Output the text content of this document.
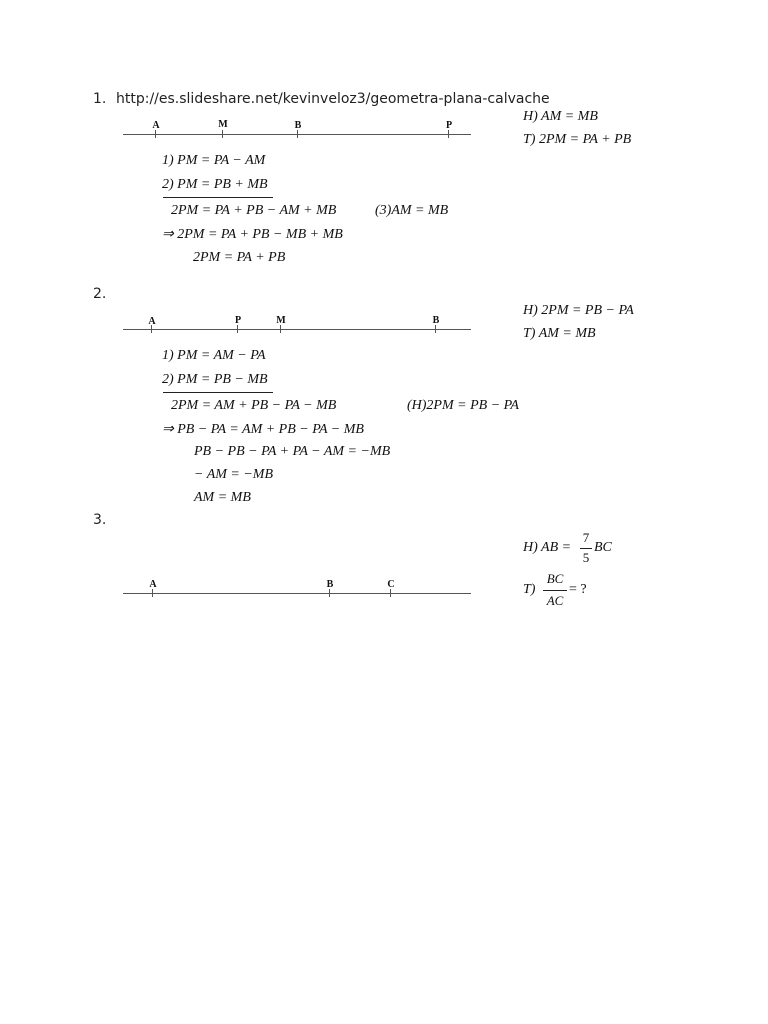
1. http://es.slideshare.net/kevinveloz3/geometra-plana-calvache
A	M	B	P
H) AM = MB
T) 2PM = PA + PB
1) PM = PA − AM
2) PM = PB + MB
2PM = PA + PB − AM + MB	(3)AM = MB
⇒ 2PM = PA + PB − MB + MB
2PM = PA + PB
2.
A	P	M	B
H) 2PM = PB − PA
T) AM = MB
1) PM = AM − PA
2) PM = PB − MB
2PM = AM + PB − PA − MB	(H)2PM = PB − PA
⇒ PB − PA = AM + PB − PA − MB
PB − PB − PA + PA − AM = −MB
− AM = −MB
AM = MB
3.
H) AB =
7
5
BC
T)
BC
AC
= ?
A	B	C
